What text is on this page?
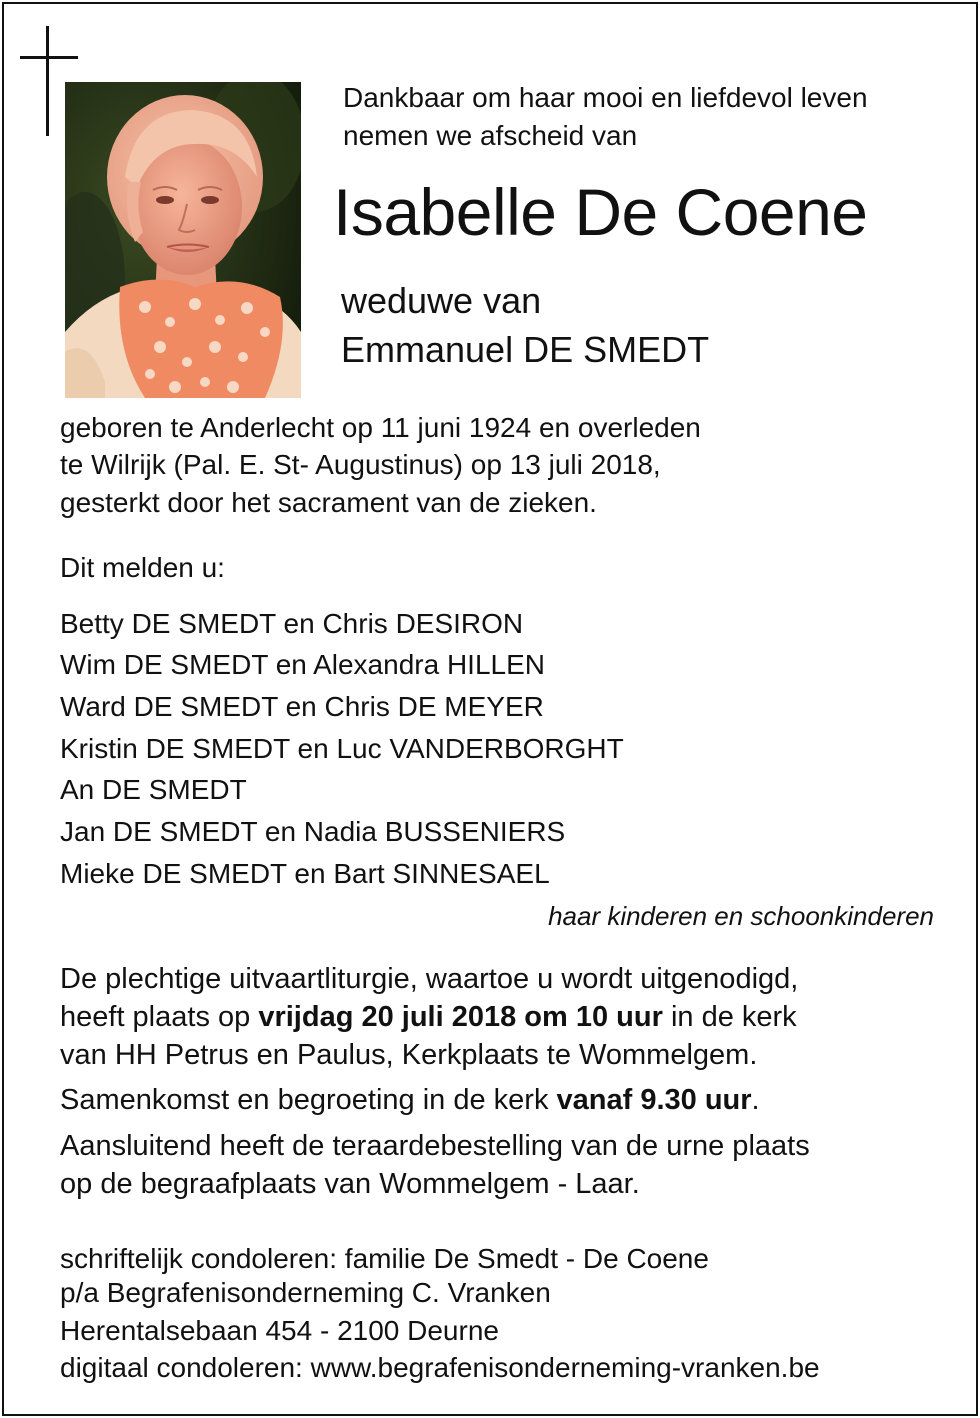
Dankbaar om haar mooi en liefdevol leven
nemen we afscheid van
Isabelle De Coene
weduwe van
Emmanuel DE SMEDT
geboren te Anderlecht op 11 juni 1924 en overleden
te Wilrijk (Pal. E. St- Augustinus) op 13 juli 2018,
gesterkt door het sacrament van de zieken.
Dit melden u:
Betty DE SMEDT en Chris DESIRON
Wim DE SMEDT en Alexandra HILLEN
Ward DE SMEDT en Chris DE MEYER
Kristin DE SMEDT en Luc VANDERBORGHT
An DE SMEDT
Jan DE SMEDT en Nadia BUSSENIERS
Mieke DE SMEDT en Bart SINNESAEL
haar kinderen en schoonkinderen
De plechtige uitvaartliturgie, waartoe u wordt uitgenodigd,
heeft plaats op vrijdag 20 juli 2018 om 10 uur in de kerk
van HH Petrus en Paulus, Kerkplaats te Wommelgem.
Samenkomst en begroeting in de kerk vanaf 9.30 uur.
Aansluitend heeft de teraardebestelling van de urne plaats
op de begraafplaats van Wommelgem - Laar.
schriftelijk condoleren: familie De Smedt - De Coene
p/a Begrafenisonderneming C. Vranken
Herentalsebaan 454 - 2100 Deurne
digitaal condoleren: www.begrafenisonderneming-vranken.be
